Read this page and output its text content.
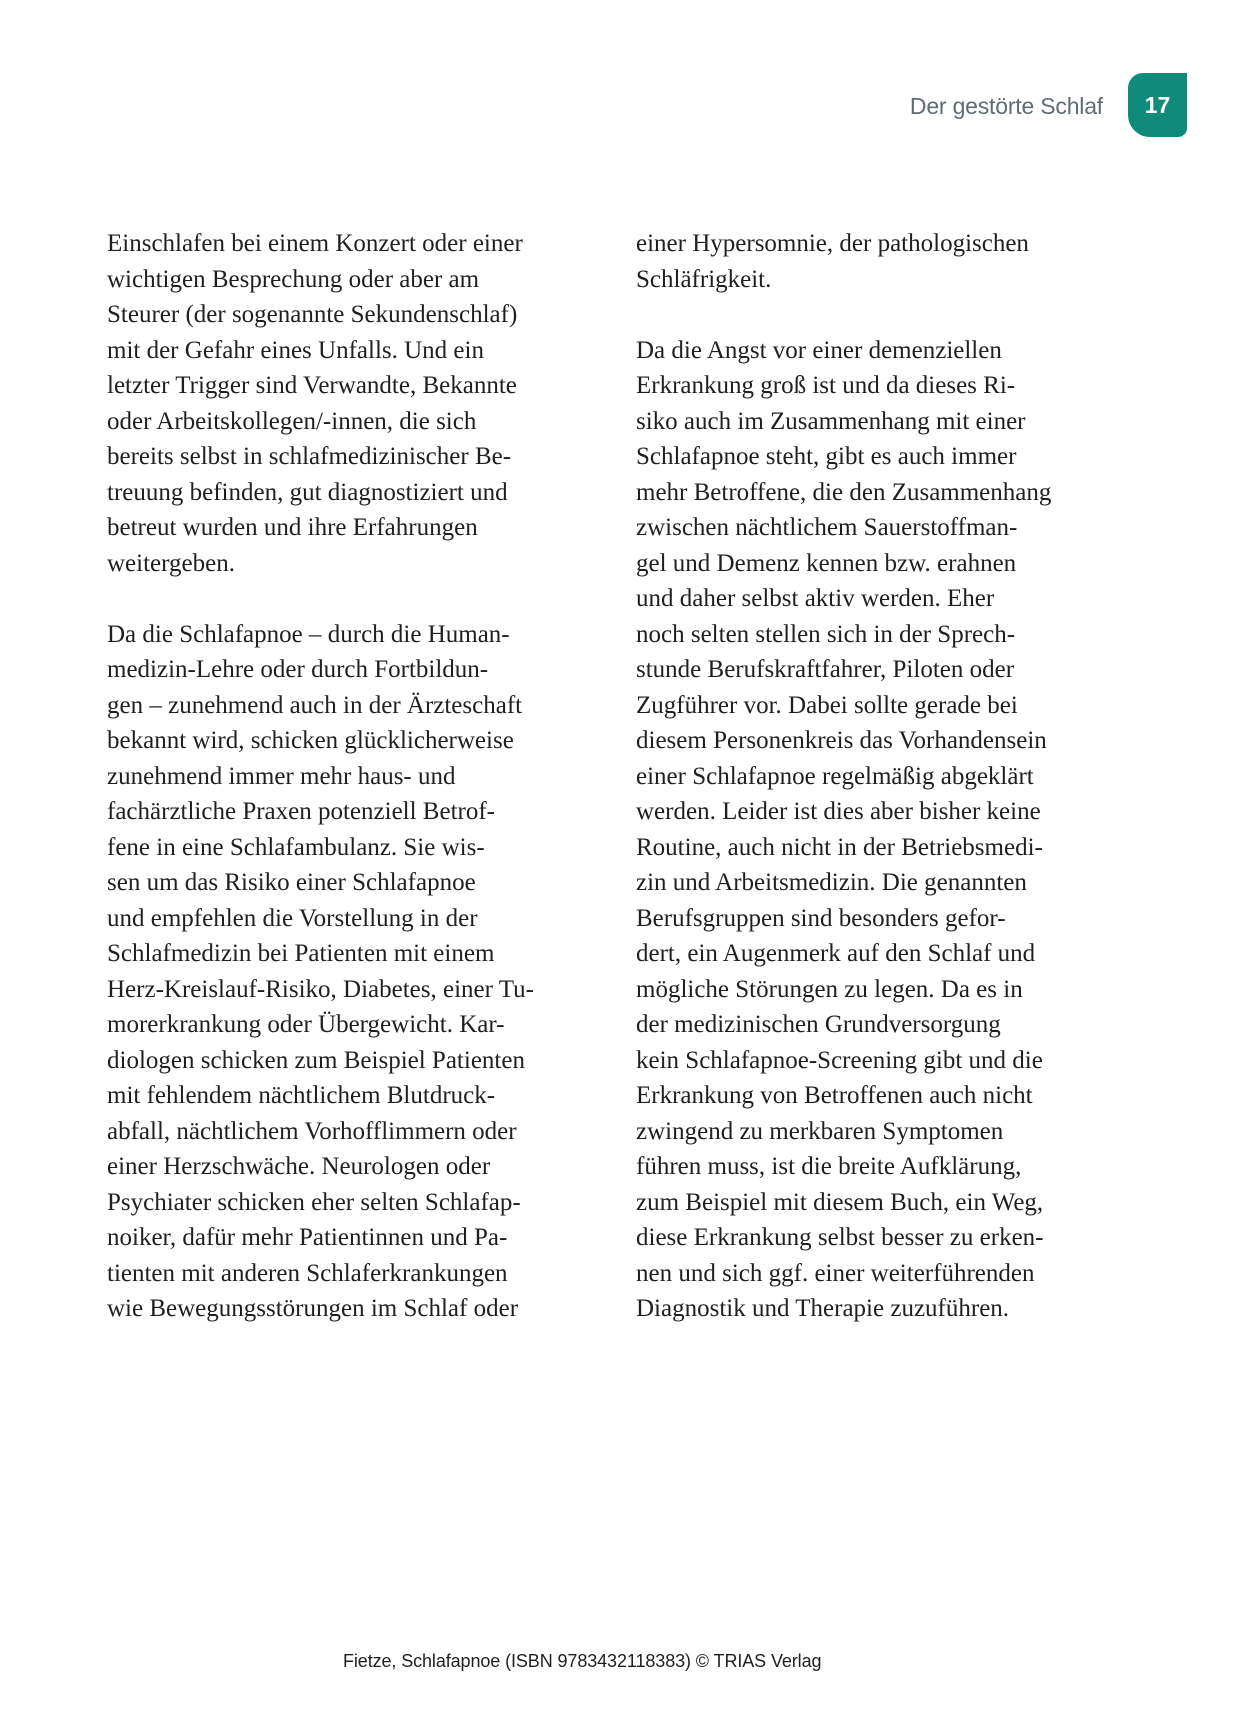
Der gestörte Schlaf 17
Einschlafen bei einem Konzert oder einer
wichtigen Besprechung oder aber am
Steurer (der sogenannte Sekundenschlaf)
mit der Gefahr eines Unfalls. Und ein
letzter Trigger sind Verwandte, Bekannte
oder Arbeitskollegen/-innen, die sich
bereits selbst in schlafmedizinischer Be-
treuung befinden, gut diagnostiziert und
betreut wurden und ihre Erfahrungen
weitergeben.
Da die Schlafapnoe – durch die Human-
medizin-Lehre oder durch Fortbildun-
gen – zunehmend auch in der Ärzteschaft
bekannt wird, schicken glücklicherweise
zunehmend immer mehr haus- und
fachärztliche Praxen potenziell Betrof-
fene in eine Schlafambulanz. Sie wis-
sen um das Risiko einer Schlafapnoe
und empfehlen die Vorstellung in der
Schlafmedizin bei Patienten mit einem
Herz-Kreislauf-Risiko, Diabetes, einer Tu-
morerkrankung oder Übergewicht. Kar-
diologen schicken zum Beispiel Patienten
mit fehlendem nächtlichem Blutdruck-
abfall, nächtlichem Vorhofflimmern oder
einer Herzschwäche. Neurologen oder
Psychiater schicken eher selten Schlafap-
noiker, dafür mehr Patientinnen und Pa-
tienten mit anderen Schlaferkrankungen
wie Bewegungsstörungen im Schlaf oder
einer Hypersomnie, der pathologischen
Schläfrigkeit.
Da die Angst vor einer demenziellen
Erkrankung groß ist und da dieses Ri-
siko auch im Zusammenhang mit einer
Schlafapnoe steht, gibt es auch immer
mehr Betroffene, die den Zusammenhang
zwischen nächtlichem Sauerstoffman-
gel und Demenz kennen bzw. erahnen
und daher selbst aktiv werden. Eher
noch selten stellen sich in der Sprech-
stunde Berufskraftfahrer, Piloten oder
Zugführer vor. Dabei sollte gerade bei
diesem Personenkreis das Vorhandensein
einer Schlafapnoe regelmäßig abgeklärt
werden. Leider ist dies aber bisher keine
Routine, auch nicht in der Betriebsmedi-
zin und Arbeitsmedizin. Die genannten
Berufsgruppen sind besonders gefor-
dert, ein Augenmerk auf den Schlaf und
mögliche Störungen zu legen. Da es in
der medizinischen Grundversorgung
kein Schlafapnoe-Screening gibt und die
Erkrankung von Betroffenen auch nicht
zwingend zu merkbaren Symptomen
führen muss, ist die breite Aufklärung,
zum Beispiel mit diesem Buch, ein Weg,
diese Erkrankung selbst besser zu erken-
nen und sich ggf. einer weiterführenden
Diagnostik und Therapie zuzuführen.
Fietze, Schlafapnoe (ISBN 9783432118383) © TRIAS Verlag
